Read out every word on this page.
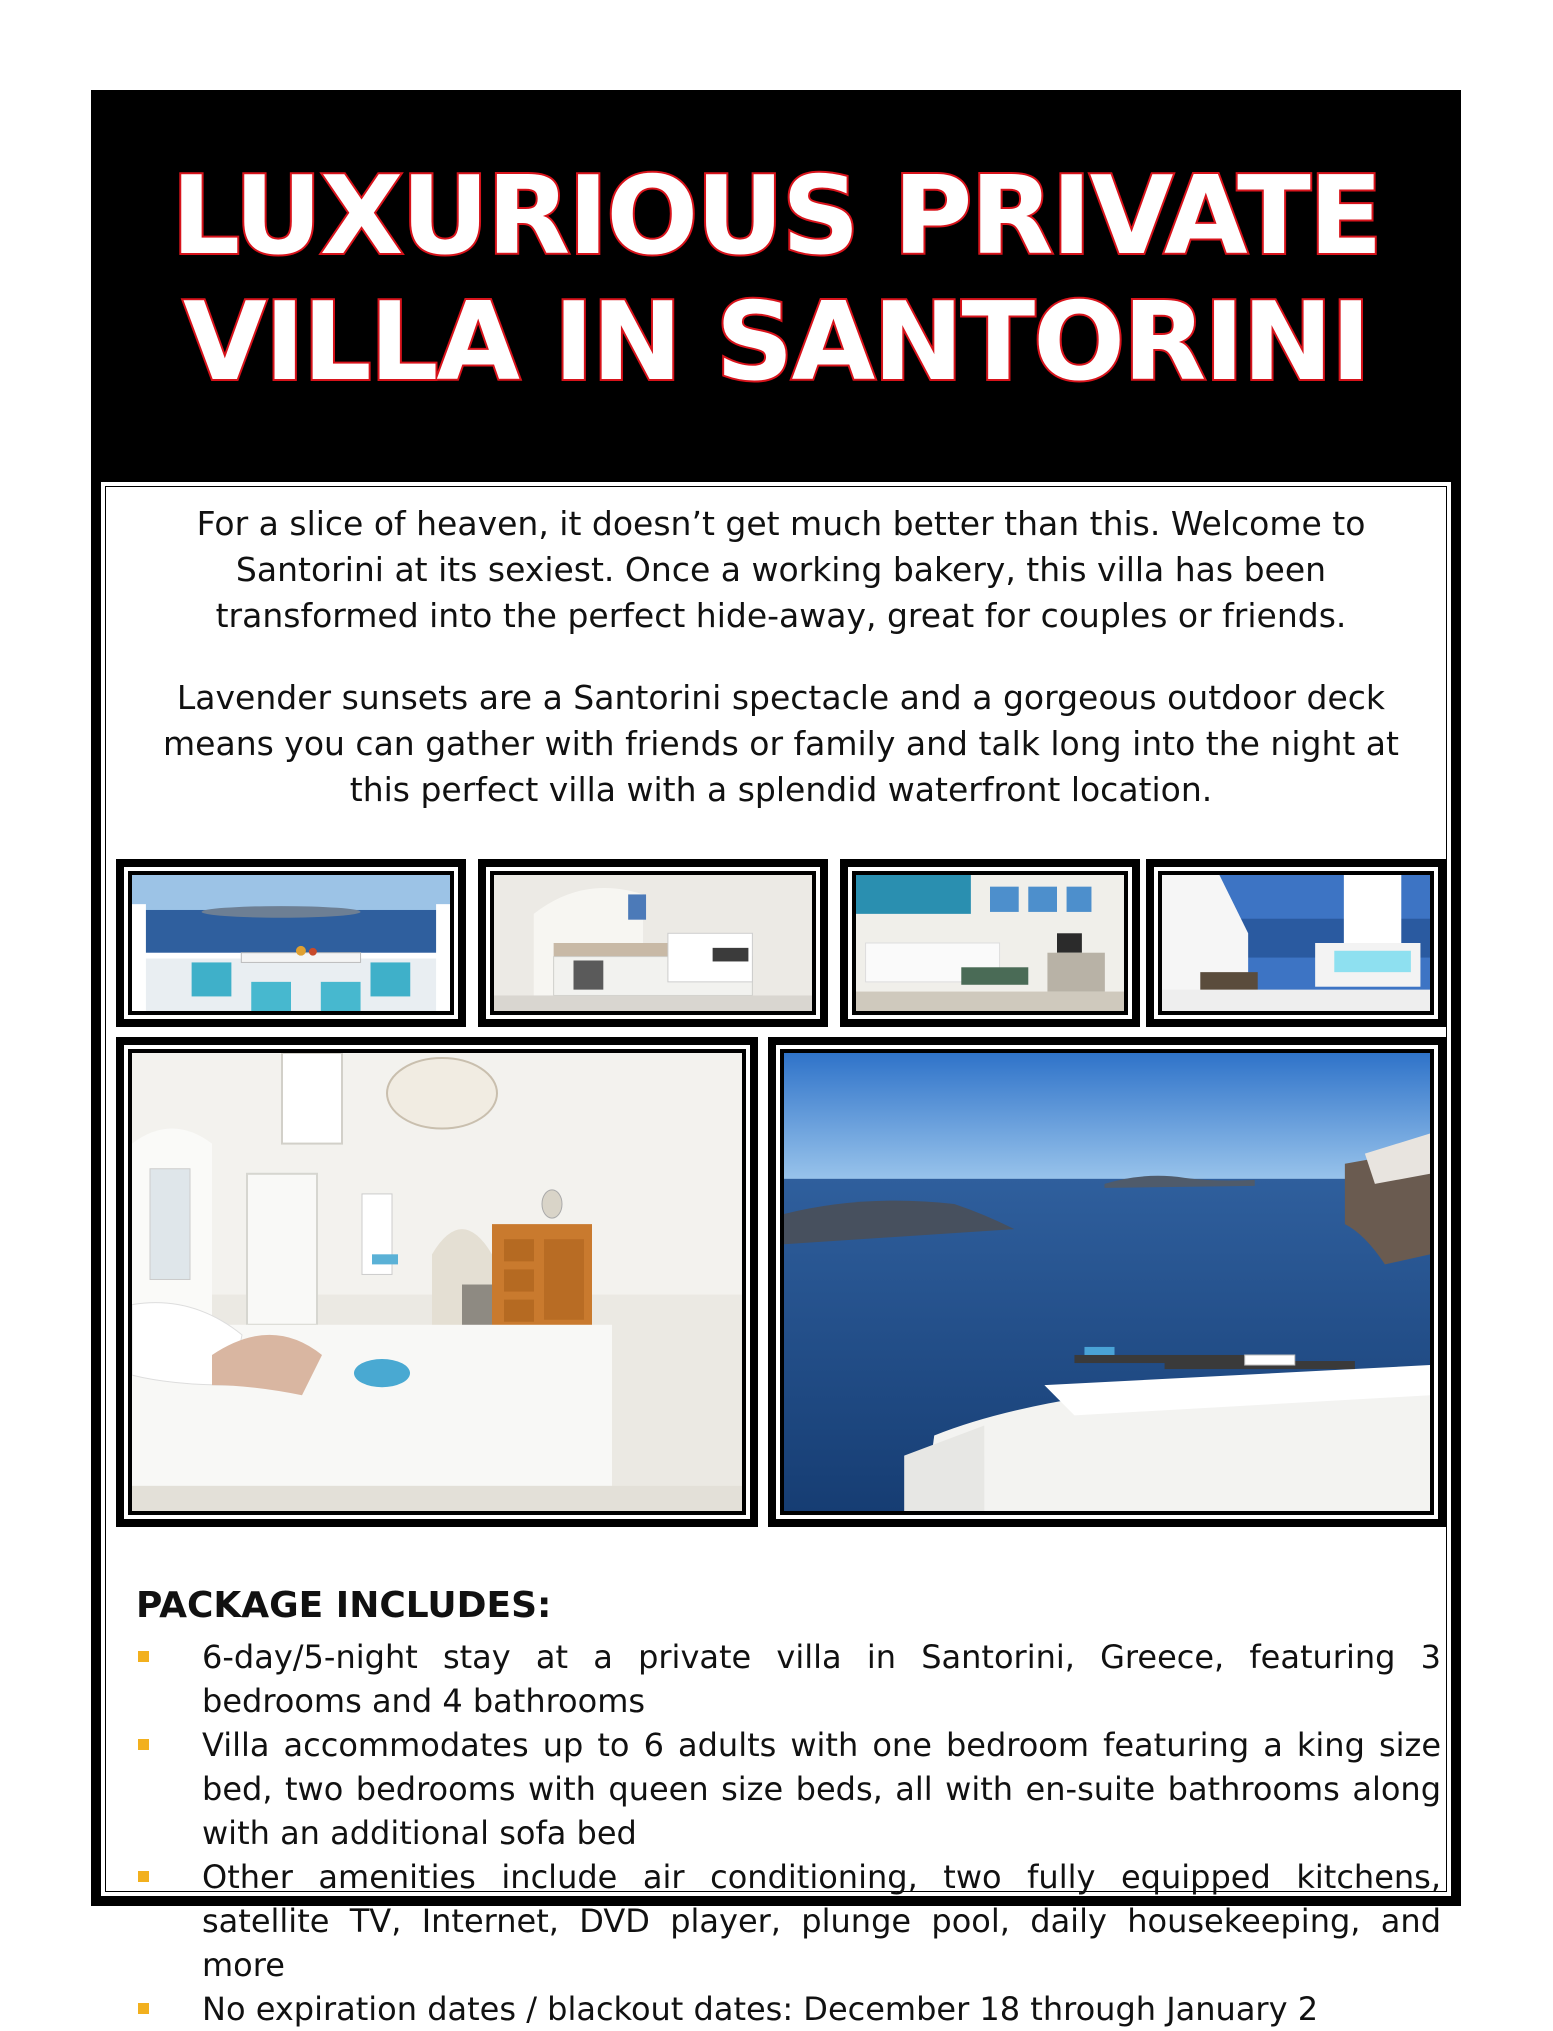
LUXURIOUS PRIVATE
VILLA IN SANTORINI
For a slice of heaven, it doesn’t get much better than this. Welcome to Santorini at its sexiest. Once a working bakery, this villa has been transformed into the perfect hide-away, great for couples or friends.
Lavender sunsets are a Santorini spectacle and a gorgeous outdoor deck means you can gather with friends or family and talk long into the night at this perfect villa with a splendid waterfront location.
PACKAGE INCLUDES:
6-day/5-night stay at a private villa in Santorini, Greece, featuring 3 bedrooms and 4 bathrooms
Villa accommodates up to 6 adults with one bedroom featuring a king size bed, two bedrooms with queen size beds, all with en-suite bathrooms along with an additional sofa bed
Other amenities include air conditioning, two fully equipped kitchens, satellite TV, Internet, DVD player, plunge pool, daily housekeeping, and more
No expiration dates / blackout dates: December 18 through January 2
